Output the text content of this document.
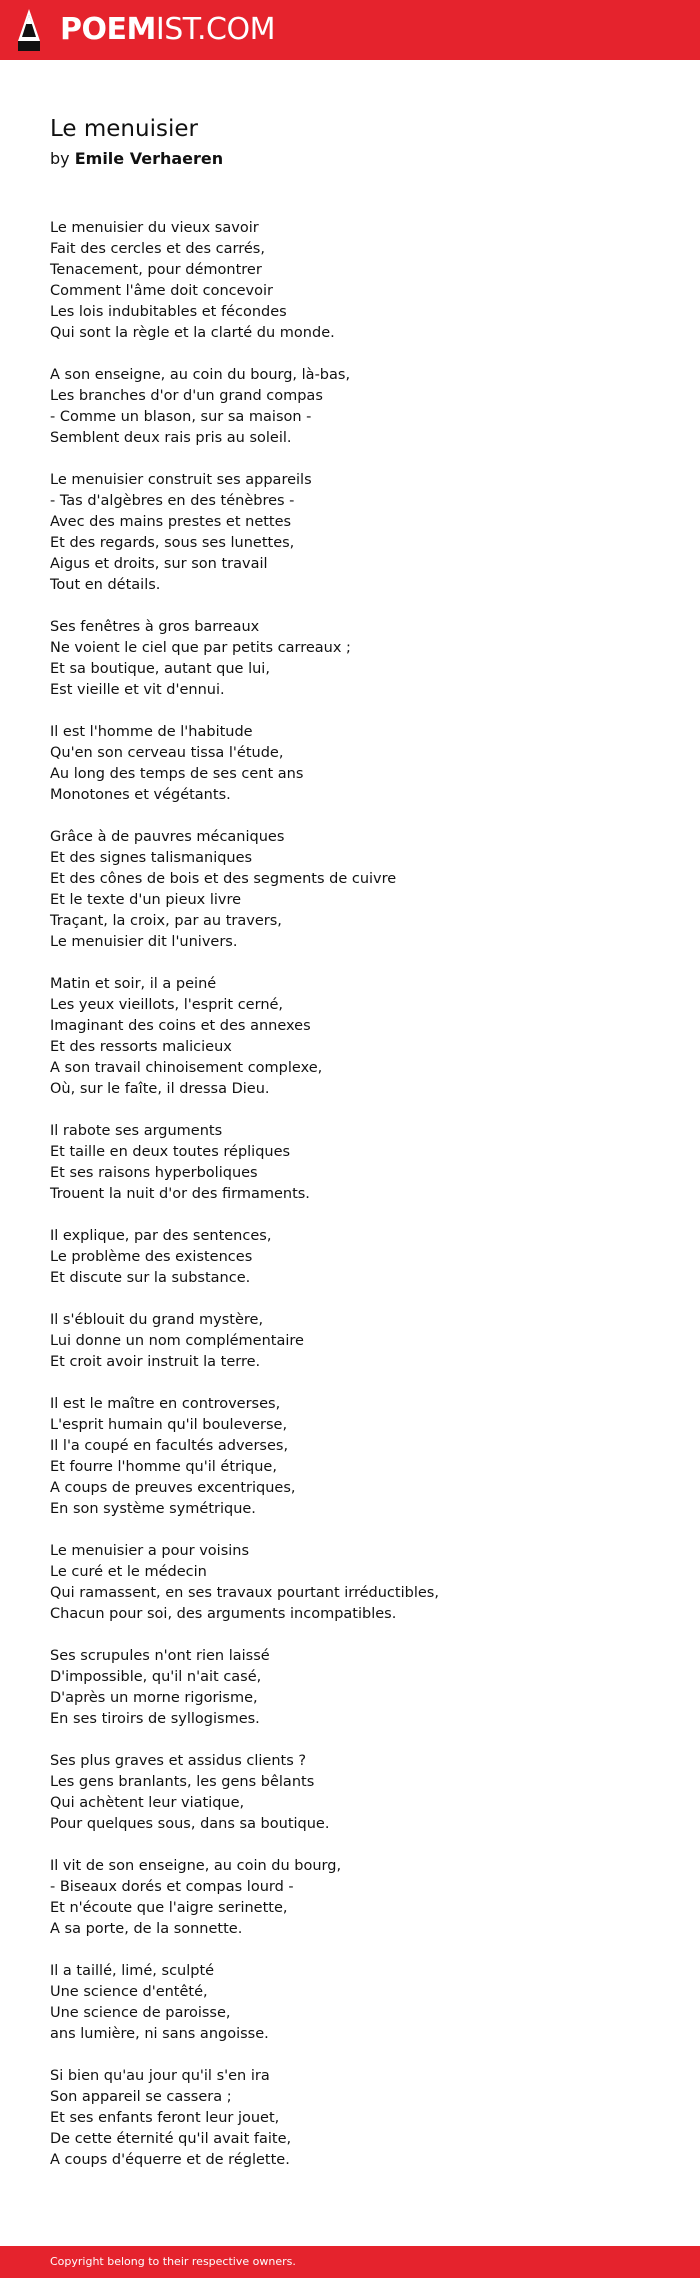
POEMIST.COM
Le menuisier
by Emile Verhaeren
Le menuisier du vieux savoir
Fait des cercles et des carrés,
Tenacement, pour démontrer
Comment l'âme doit concevoir
Les lois indubitables et fécondes
Qui sont la règle et la clarté du monde.
A son enseigne, au coin du bourg, là-bas,
Les branches d'or d'un grand compas
- Comme un blason, sur sa maison -
Semblent deux rais pris au soleil.
Le menuisier construit ses appareils
- Tas d'algèbres en des ténèbres -
Avec des mains prestes et nettes
Et des regards, sous ses lunettes,
Aigus et droits, sur son travail
Tout en détails.
Ses fenêtres à gros barreaux
Ne voient le ciel que par petits carreaux ;
Et sa boutique, autant que lui,
Est vieille et vit d'ennui.
Il est l'homme de l'habitude
Qu'en son cerveau tissa l'étude,
Au long des temps de ses cent ans
Monotones et végétants.
Grâce à de pauvres mécaniques
Et des signes talismaniques
Et des cônes de bois et des segments de cuivre
Et le texte d'un pieux livre
Traçant, la croix, par au travers,
Le menuisier dit l'univers.
Matin et soir, il a peiné
Les yeux vieillots, l'esprit cerné,
Imaginant des coins et des annexes
Et des ressorts malicieux
A son travail chinoisement complexe,
Où, sur le faîte, il dressa Dieu.
Il rabote ses arguments
Et taille en deux toutes répliques
Et ses raisons hyperboliques
Trouent la nuit d'or des firmaments.
Il explique, par des sentences,
Le problème des existences
Et discute sur la substance.
Il s'éblouit du grand mystère,
Lui donne un nom complémentaire
Et croit avoir instruit la terre.
Il est le maître en controverses,
L'esprit humain qu'il bouleverse,
Il l'a coupé en facultés adverses,
Et fourre l'homme qu'il étrique,
A coups de preuves excentriques,
En son système symétrique.
Le menuisier a pour voisins
Le curé et le médecin
Qui ramassent, en ses travaux pourtant irréductibles,
Chacun pour soi, des arguments incompatibles.
Ses scrupules n'ont rien laissé
D'impossible, qu'il n'ait casé,
D'après un morne rigorisme,
En ses tiroirs de syllogismes.
Ses plus graves et assidus clients ?
Les gens branlants, les gens bêlants
Qui achètent leur viatique,
Pour quelques sous, dans sa boutique.
Il vit de son enseigne, au coin du bourg,
- Biseaux dorés et compas lourd -
Et n'écoute que l'aigre serinette,
A sa porte, de la sonnette.
Il a taillé, limé, sculpté
Une science d'entêté,
Une science de paroisse,
ans lumière, ni sans angoisse.
Si bien qu'au jour qu'il s'en ira
Son appareil se cassera ;
Et ses enfants feront leur jouet,
De cette éternité qu'il avait faite,
A coups d'équerre et de réglette.
Copyright belong to their respective owners.
